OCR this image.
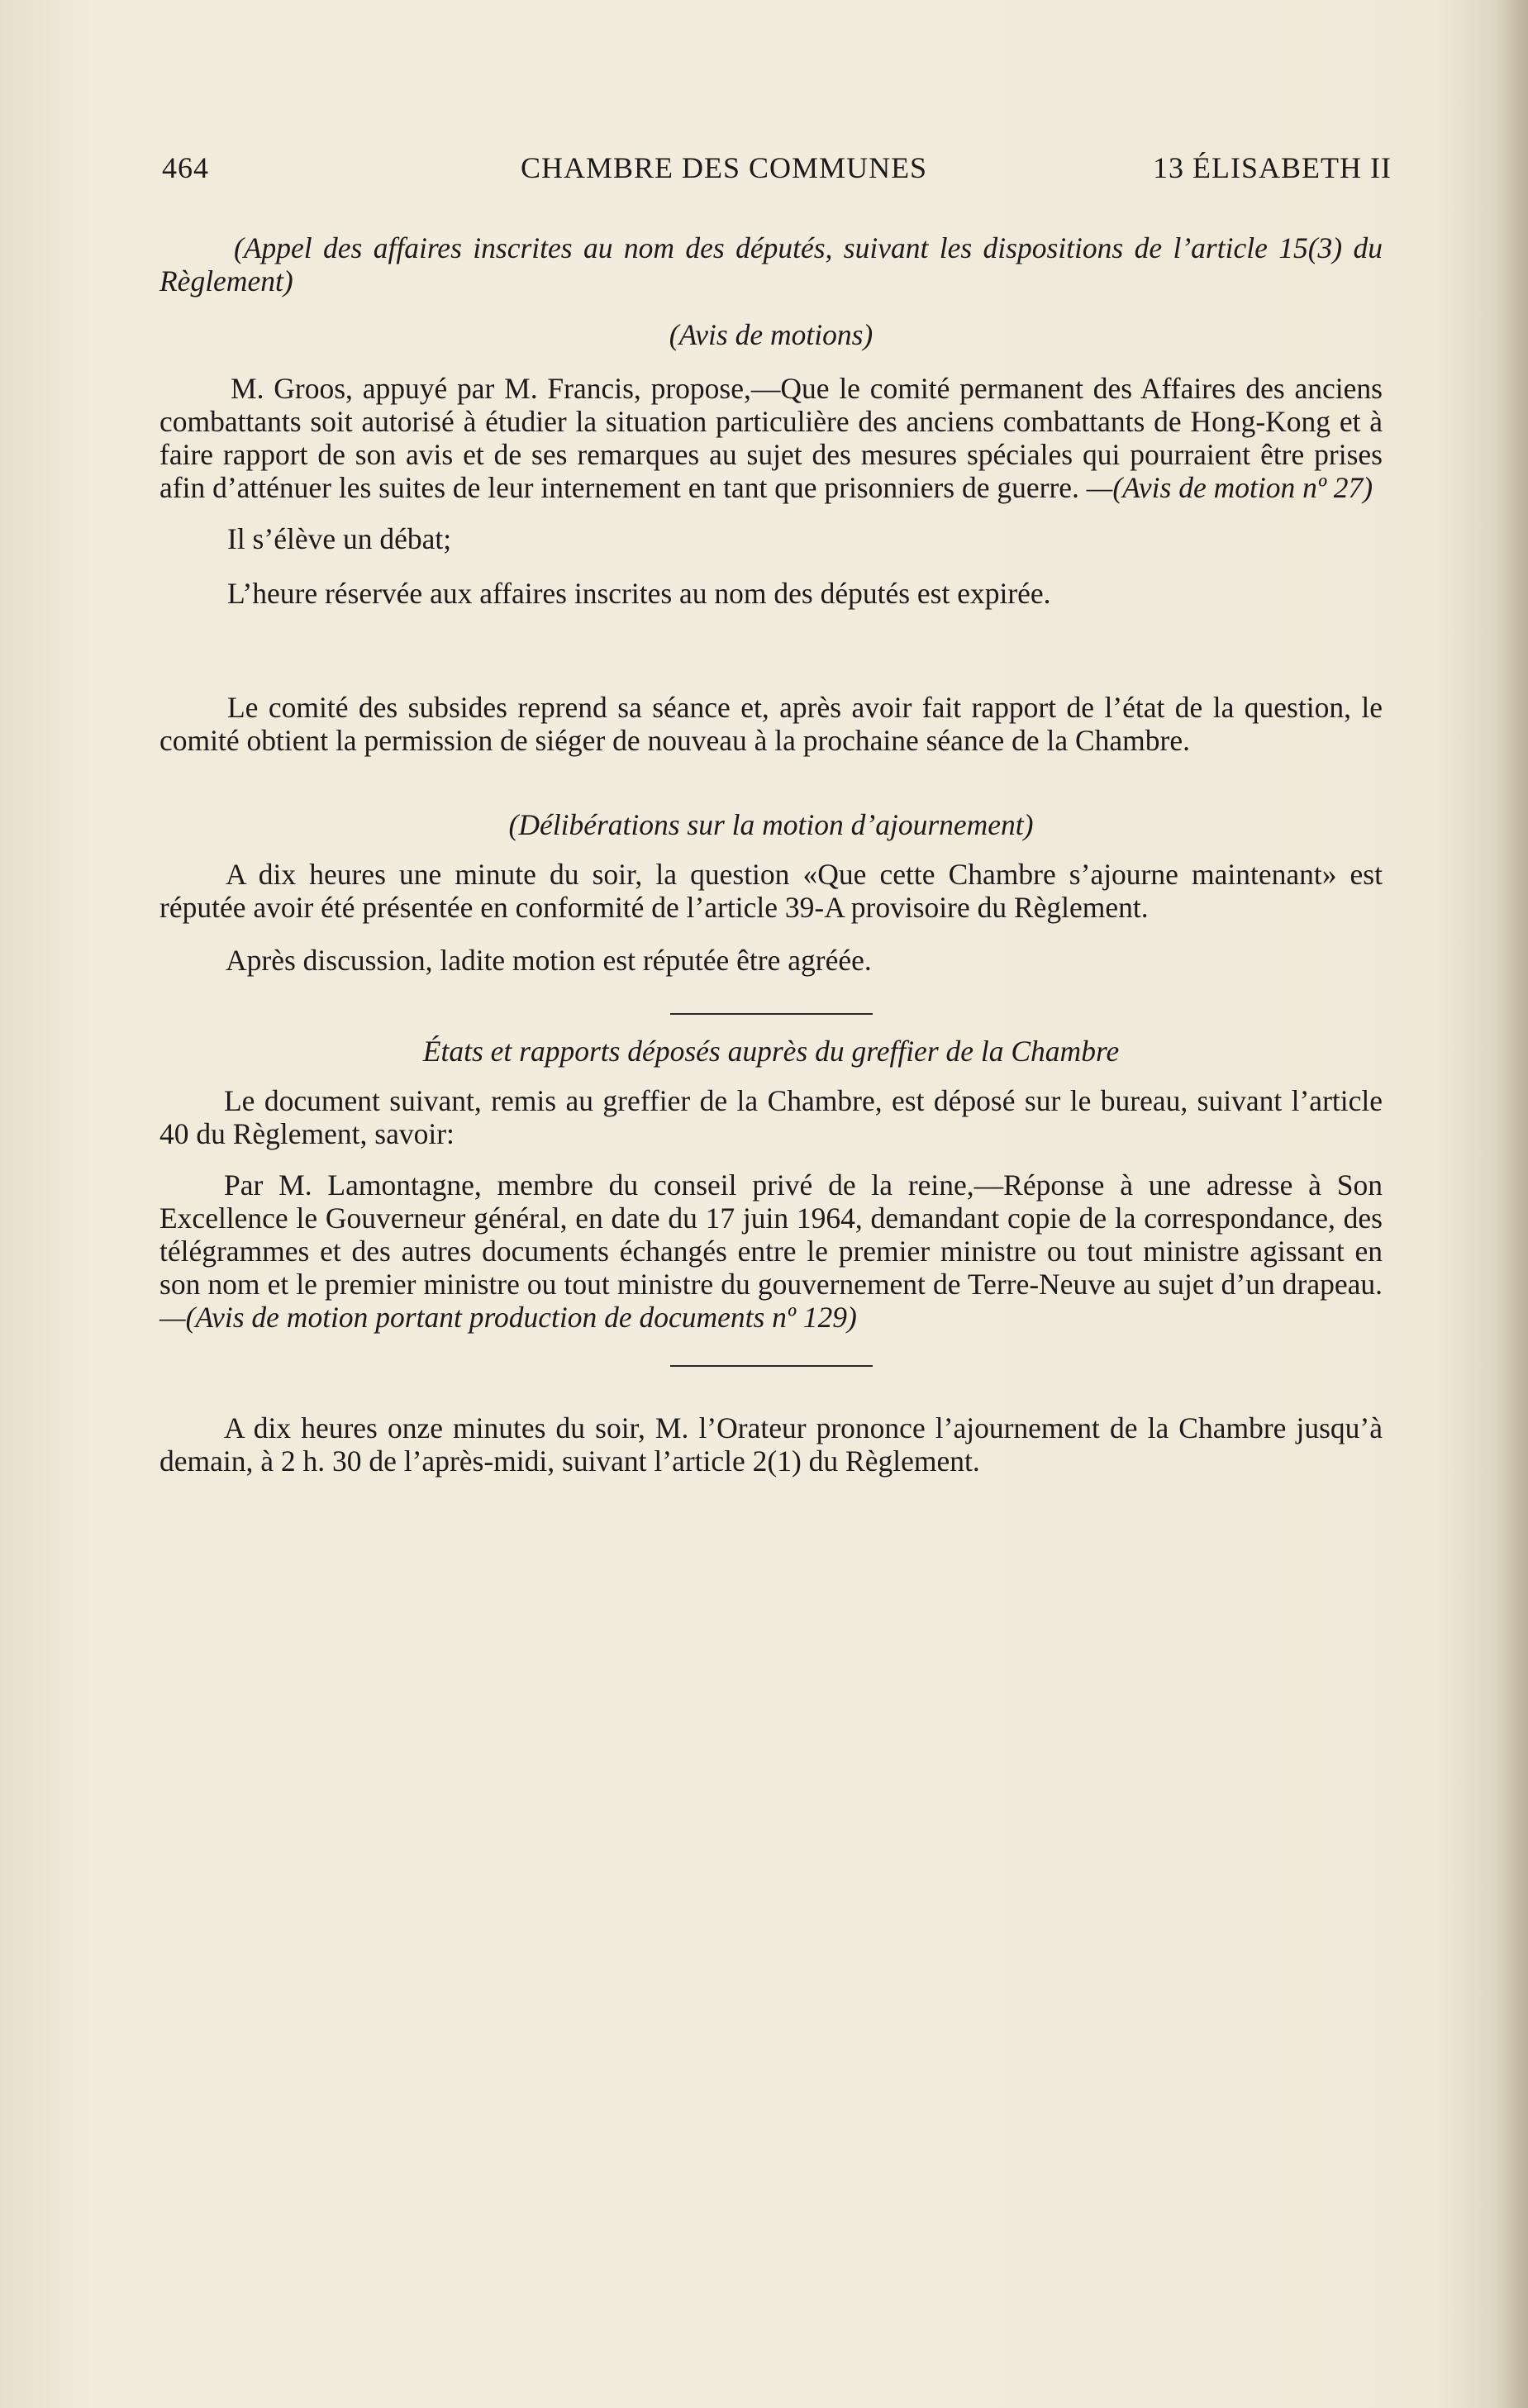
464	CHAMBRE DES COMMUNES	13 ÉLISABETH II

(Appel des affaires inscrites au nom des députés, suivant les dispositions de l’article 15(3) du Règlement)

(Avis de motions)

M. Groos, appuyé par M. Francis, propose,—Que le comité permanent des Affaires des anciens combattants soit autorisé à étudier la situation particulière des anciens combattants de Hong-Kong et à faire rapport de son avis et de ses remarques au sujet des mesures spéciales qui pourraient être prises afin d’atténuer les suites de leur internement en tant que prisonniers de guerre. —(Avis de motion nº 27)

Il s’élève un débat;

L’heure réservée aux affaires inscrites au nom des députés est expirée.

Le comité des subsides reprend sa séance et, après avoir fait rapport de l’état de la question, le comité obtient la permission de siéger de nouveau à la prochaine séance de la Chambre.

(Délibérations sur la motion d’ajournement)

A dix heures une minute du soir, la question «Que cette Chambre s’ajourne maintenant» est réputée avoir été présentée en conformité de l’article 39-A provisoire du Règlement.

Après discussion, ladite motion est réputée être agréée.

États et rapports déposés auprès du greffier de la Chambre

Le document suivant, remis au greffier de la Chambre, est déposé sur le bureau, suivant l’article 40 du Règlement, savoir:

Par M. Lamontagne, membre du conseil privé de la reine,—Réponse à une adresse à Son Excellence le Gouverneur général, en date du 17 juin 1964, demandant copie de la correspondance, des télégrammes et des autres documents échangés entre le premier ministre ou tout ministre agissant en son nom et le premier ministre ou tout ministre du gouvernement de Terre-Neuve au sujet d’un drapeau. —(Avis de motion portant production de documents nº 129)

A dix heures onze minutes du soir, M. l’Orateur prononce l’ajournement de la Chambre jusqu’à demain, à 2 h. 30 de l’après-midi, suivant l’article 2(1) du Règlement.
